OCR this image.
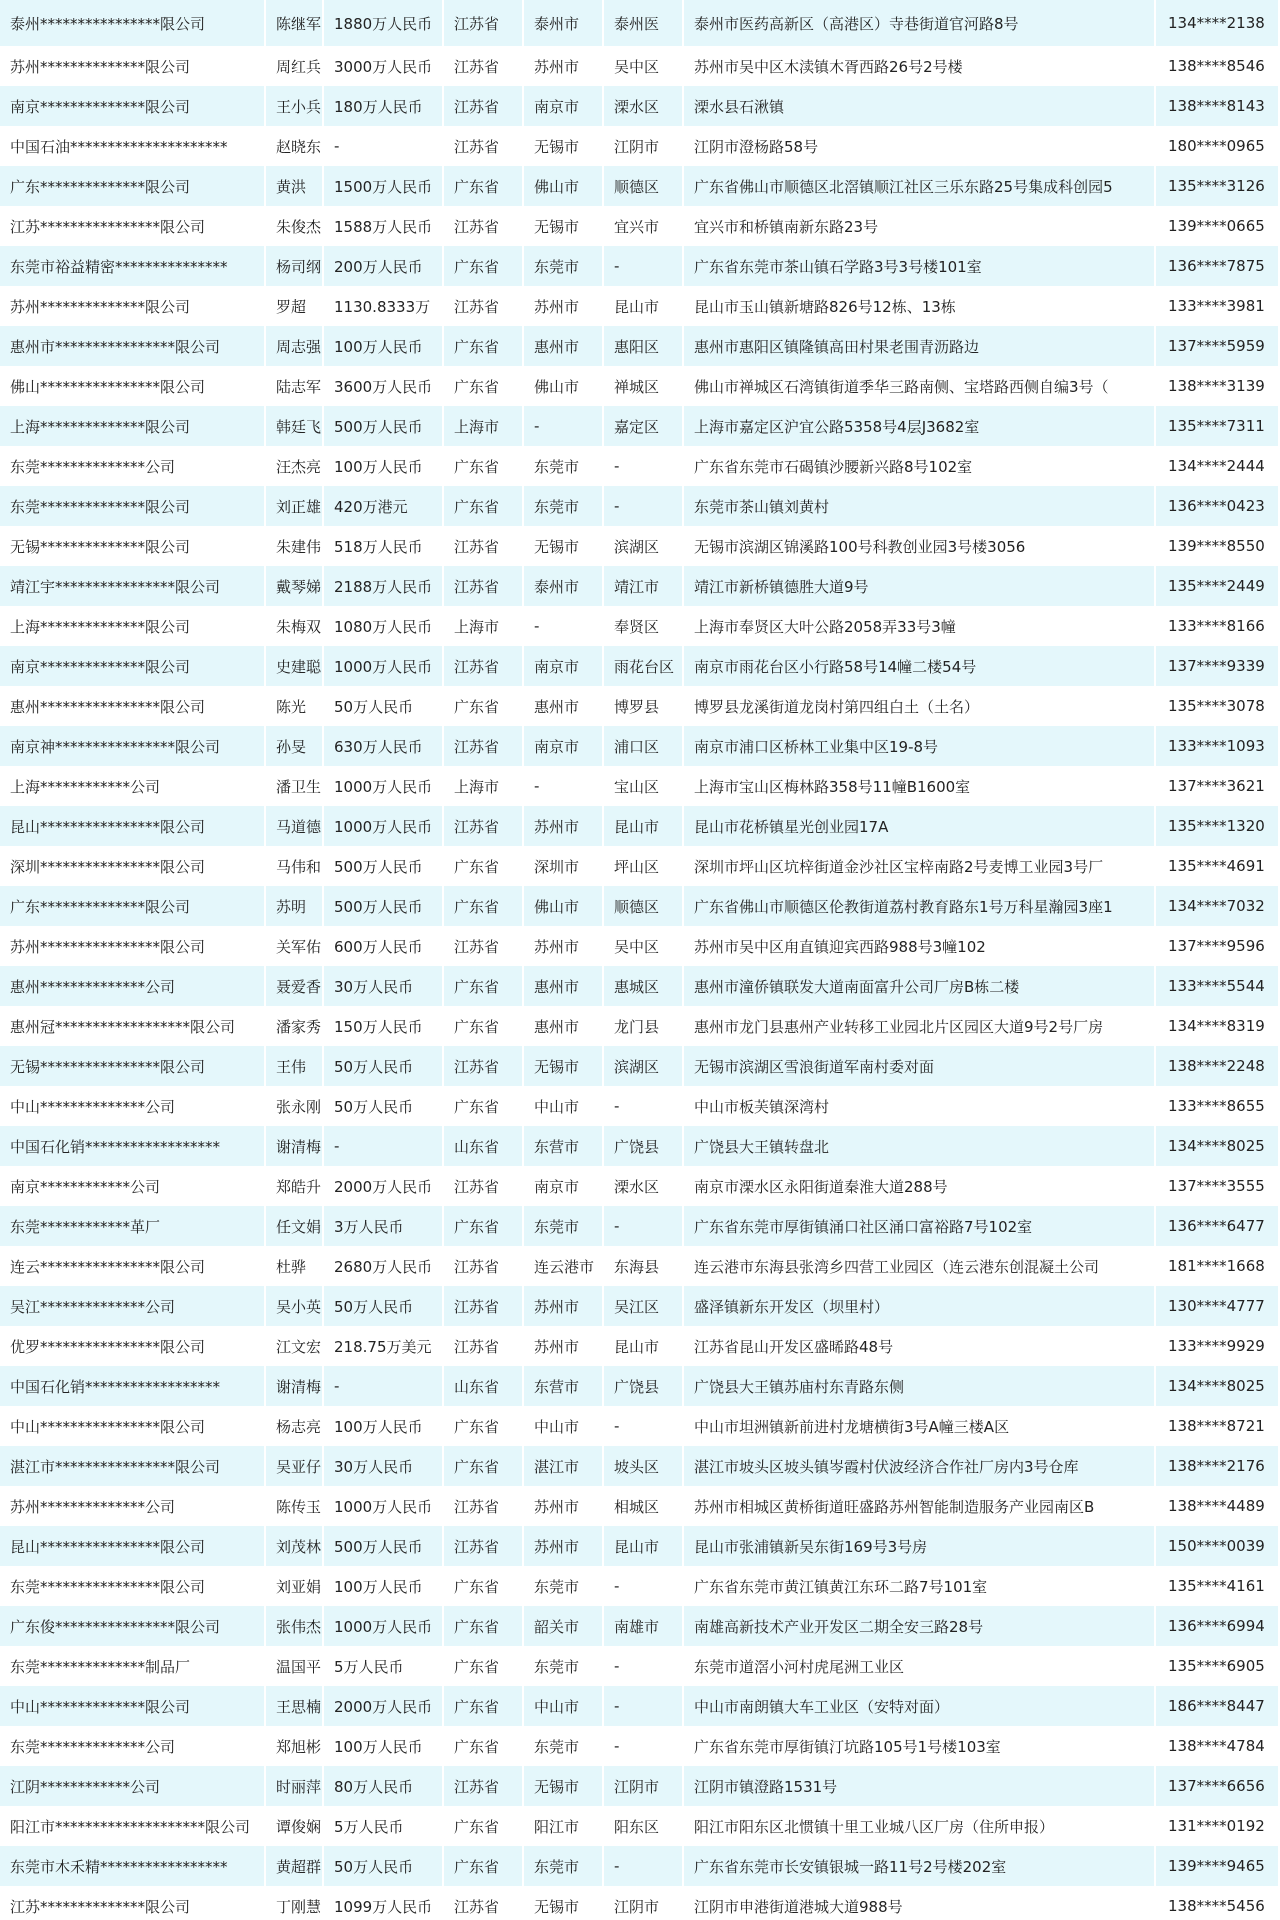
泰州****************限公司	陈继军	1880万人民币	江苏省	泰州市	泰州医	泰州市医药高新区（高港区）寺巷街道官河路8号	134****2138
苏州**************限公司	周红兵	3000万人民币	江苏省	苏州市	吴中区	苏州市吴中区木渎镇木胥西路26号2号楼	138****8546
南京**************限公司	王小兵	180万人民币	江苏省	南京市	溧水区	溧水县石湫镇	138****8143
中国石油*********************	赵晓东	-	江苏省	无锡市	江阴市	江阴市澄杨路58号	180****0965
广东**************限公司	黄洪	1500万人民币	广东省	佛山市	顺德区	广东省佛山市顺德区北滘镇顺江社区三乐东路25号集成科创园5	135****3126
江苏****************限公司	朱俊杰	1588万人民币	江苏省	无锡市	宜兴市	宜兴市和桥镇南新东路23号	139****0665
东莞市裕益精密***************	杨司纲	200万人民币	广东省	东莞市	-	广东省东莞市茶山镇石学路3号3号楼101室	136****7875
苏州**************限公司	罗超	1130.8333万	江苏省	苏州市	昆山市	昆山市玉山镇新塘路826号12栋、13栋	133****3981
惠州市****************限公司	周志强	100万人民币	广东省	惠州市	惠阳区	惠州市惠阳区镇隆镇高田村果老围青沥路边	137****5959
佛山****************限公司	陆志军	3600万人民币	广东省	佛山市	禅城区	佛山市禅城区石湾镇街道季华三路南侧、宝塔路西侧自编3号（	138****3139
上海**************限公司	韩廷飞	500万人民币	上海市	-	嘉定区	上海市嘉定区沪宜公路5358号4层J3682室	135****7311
东莞**************公司	汪杰亮	100万人民币	广东省	东莞市	-	广东省东莞市石碣镇沙腰新兴路8号102室	134****2444
东莞**************限公司	刘正雄	420万港元	广东省	东莞市	-	东莞市茶山镇刘黄村	136****0423
无锡**************限公司	朱建伟	518万人民币	江苏省	无锡市	滨湖区	无锡市滨湖区锦溪路100号科教创业园3号楼3056	139****8550
靖江宇****************限公司	戴琴娣	2188万人民币	江苏省	泰州市	靖江市	靖江市新桥镇德胜大道9号	135****2449
上海**************限公司	朱梅双	1080万人民币	上海市	-	奉贤区	上海市奉贤区大叶公路2058弄33号3幢	133****8166
南京**************限公司	史建聪	1000万人民币	江苏省	南京市	雨花台区	南京市雨花台区小行路58号14幢二楼54号	137****9339
惠州****************限公司	陈光	50万人民币	广东省	惠州市	博罗县	博罗县龙溪街道龙岗村第四组白土（土名）	135****3078
南京神****************限公司	孙旻	630万人民币	江苏省	南京市	浦口区	南京市浦口区桥林工业集中区19-8号	133****1093
上海************公司	潘卫生	1000万人民币	上海市	-	宝山区	上海市宝山区梅林路358号11幢B1600室	137****3621
昆山****************限公司	马道德	1000万人民币	江苏省	苏州市	昆山市	昆山市花桥镇星光创业园17A	135****1320
深圳****************限公司	马伟和	500万人民币	广东省	深圳市	坪山区	深圳市坪山区坑梓街道金沙社区宝梓南路2号麦博工业园3号厂	135****4691
广东**************限公司	苏明	500万人民币	广东省	佛山市	顺德区	广东省佛山市顺德区伦教街道荔村教育路东1号万科星瀚园3座1	134****7032
苏州****************限公司	关军佑	600万人民币	江苏省	苏州市	吴中区	苏州市吴中区甪直镇迎宾西路988号3幢102	137****9596
惠州**************公司	聂爱香	30万人民币	广东省	惠州市	惠城区	惠州市潼侨镇联发大道南面富升公司厂房B栋二楼	133****5544
惠州冠******************限公司	潘家秀	150万人民币	广东省	惠州市	龙门县	惠州市龙门县惠州产业转移工业园北片区园区大道9号2号厂房	134****8319
无锡****************限公司	王伟	50万人民币	江苏省	无锡市	滨湖区	无锡市滨湖区雪浪街道军南村委对面	138****2248
中山**************公司	张永刚	50万人民币	广东省	中山市	-	中山市板芙镇深湾村	133****8655
中国石化销******************	谢清梅	-	山东省	东营市	广饶县	广饶县大王镇转盘北	134****8025
南京************公司	郑皓升	2000万人民币	江苏省	南京市	溧水区	南京市溧水区永阳街道秦淮大道288号	137****3555
东莞************革厂	任文娟	3万人民币	广东省	东莞市	-	广东省东莞市厚街镇涌口社区涌口富裕路7号102室	136****6477
连云****************限公司	杜骅	2680万人民币	江苏省	连云港市	东海县	连云港市东海县张湾乡四营工业园区（连云港东创混凝土公司	181****1668
吴江**************公司	吴小英	50万人民币	江苏省	苏州市	吴江区	盛泽镇新东开发区（坝里村）	130****4777
优罗****************限公司	江文宏	218.75万美元	江苏省	苏州市	昆山市	江苏省昆山开发区盛晞路48号	133****9929
中国石化销******************	谢清梅	-	山东省	东营市	广饶县	广饶县大王镇苏庙村东青路东侧	134****8025
中山****************限公司	杨志亮	100万人民币	广东省	中山市	-	中山市坦洲镇新前进村龙塘横街3号A幢三楼A区	138****8721
湛江市****************限公司	吴亚仔	30万人民币	广东省	湛江市	坡头区	湛江市坡头区坡头镇岑霞村伏波经济合作社厂房内3号仓库	138****2176
苏州**************公司	陈传玉	1000万人民币	江苏省	苏州市	相城区	苏州市相城区黄桥街道旺盛路苏州智能制造服务产业园南区B	138****4489
昆山****************限公司	刘茂林	500万人民币	江苏省	苏州市	昆山市	昆山市张浦镇新吴东街169号3号房	150****0039
东莞****************限公司	刘亚娟	100万人民币	广东省	东莞市	-	广东省东莞市黄江镇黄江东环二路7号101室	135****4161
广东俊****************限公司	张伟杰	1000万人民币	广东省	韶关市	南雄市	南雄高新技术产业开发区二期全安三路28号	136****6994
东莞**************制品厂	温国平	5万人民币	广东省	东莞市	-	东莞市道滘小河村虎尾洲工业区	135****6905
中山**************限公司	王思楠	2000万人民币	广东省	中山市	-	中山市南朗镇大车工业区（安特对面）	186****8447
东莞**************公司	郑旭彬	100万人民币	广东省	东莞市	-	广东省东莞市厚街镇汀坑路105号1号楼103室	138****4784
江阴************公司	时丽萍	80万人民币	江苏省	无锡市	江阴市	江阴市镇澄路1531号	137****6656
阳江市********************限公司	谭俊娴	5万人民币	广东省	阳江市	阳东区	阳江市阳东区北惯镇十里工业城八区厂房（住所申报）	131****0192
东莞市木禾精*****************	黄超群	50万人民币	广东省	东莞市	-	广东省东莞市长安镇银城一路11号2号楼202室	139****9465
江苏**************限公司	丁刚慧	1099万人民币	江苏省	无锡市	江阴市	江阴市申港街道港城大道988号	138****5456
